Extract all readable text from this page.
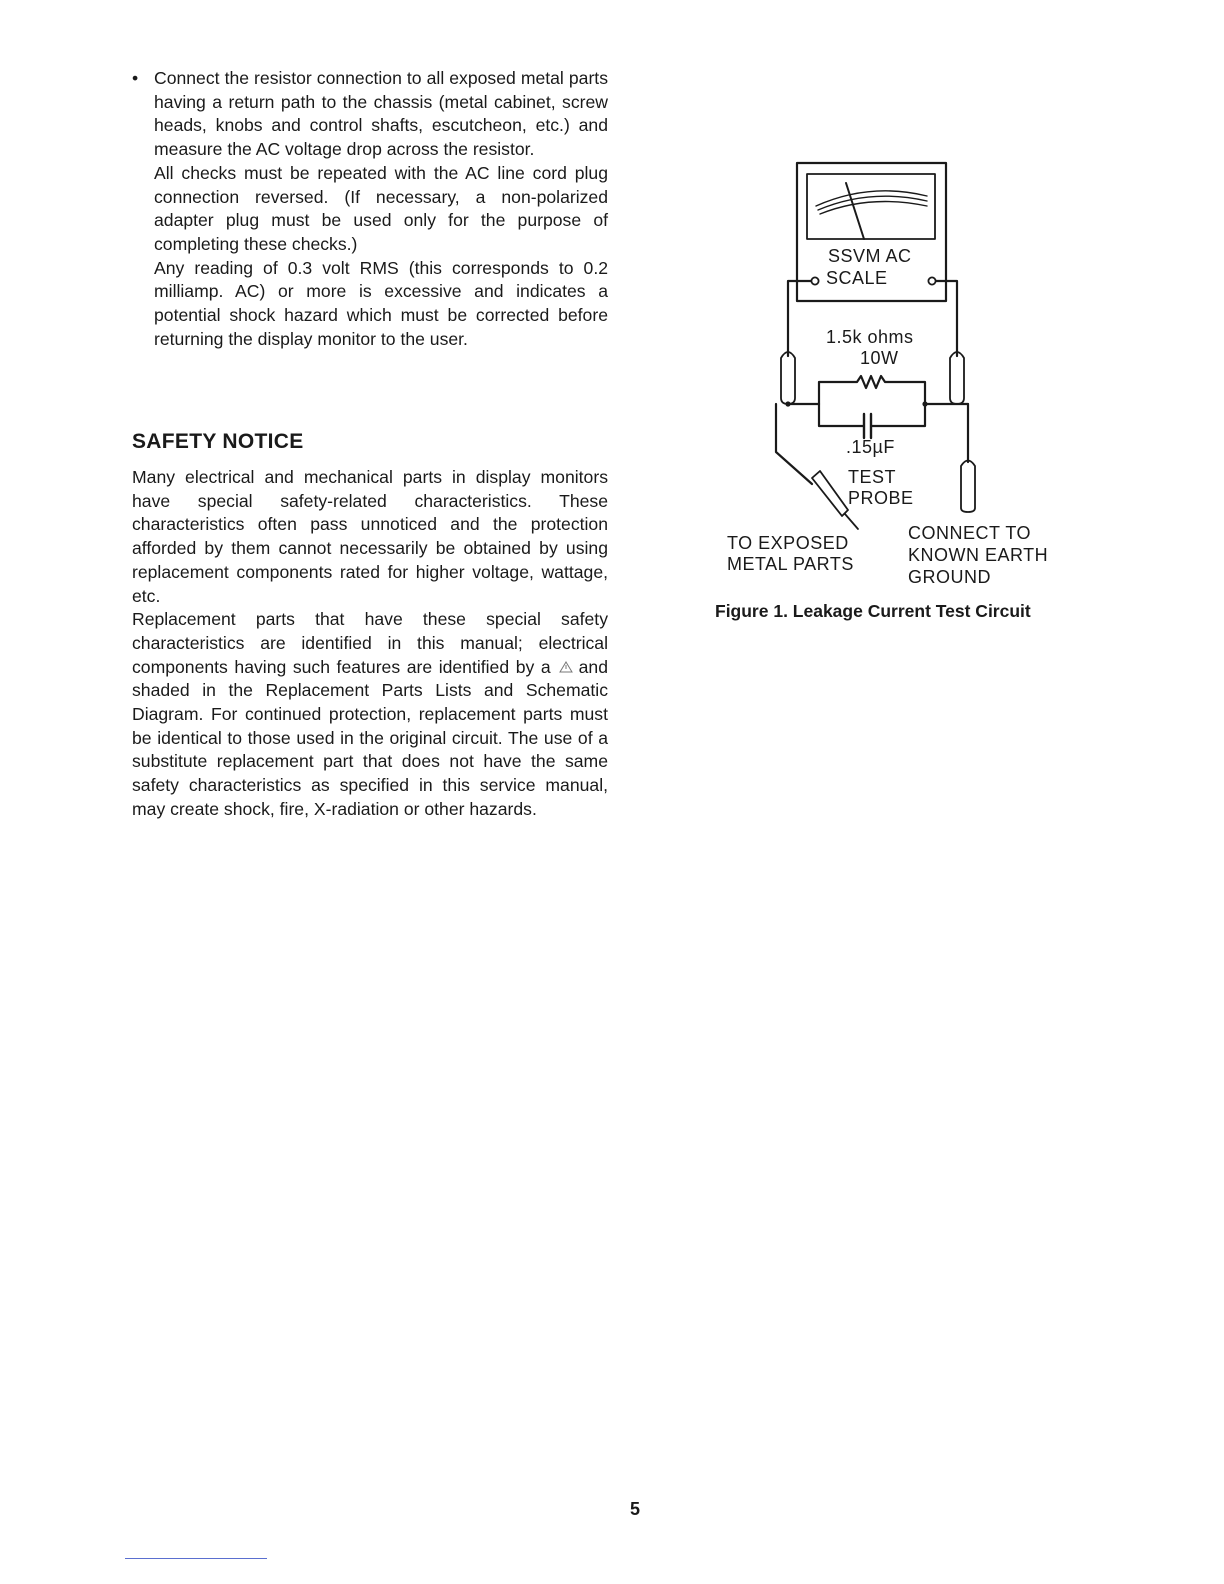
• Connect the resistor connection to all exposed metal parts having a return path to the chassis (metal cabinet, screw heads, knobs and control shafts, escutcheon, etc.) and measure the AC voltage drop across the resistor.

All checks must be repeated with the AC line cord plug connection reversed. (If necessary, a non-polarized adapter plug must be used only for the purpose of completing these checks.)

Any reading of 0.3 volt RMS (this corresponds to 0.2 milliamp. AC) or more is excessive and indicates a potential shock hazard which must be corrected before returning the display monitor to the user.

SAFETY NOTICE

Many electrical and mechanical parts in display monitors have special safety-related characteristics. These characteristics often pass unnoticed and the protection afforded by them cannot necessarily be obtained by using replacement components rated for higher voltage, wattage, etc.

Replacement parts that have these special safety characteristics are identified in this manual; electrical components having such features are identified by a and shaded in the Replacement Parts Lists and Schematic Diagram. For continued protection, replacement parts must be identical to those used in the original circuit. The use of a substitute replacement part that does not have the same safety characteristics as specified in this service manual, may create shock, fire, X-radiation or other hazards.

SSVM AC
SCALE
1.5k ohms
10W
.15µF
TEST
PROBE
TO EXPOSED
METAL PARTS
CONNECT TO
KNOWN EARTH
GROUND
Figure 1. Leakage Current Test Circuit
5
